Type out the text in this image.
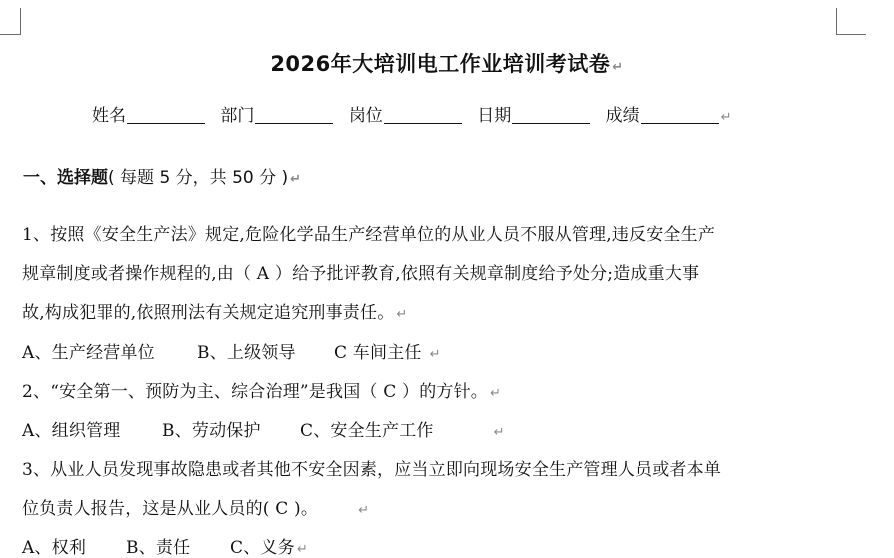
2026年大培训电工作业培训考试卷 ↵
姓名	部门	岗位	日期	成绩	↵
一、选择题( 每题 5 分，共 50 分 ) ↵
1、按照《安全生产法》规定,危险化学品生产经营单位的从业人员不服从管理,违反安全生产
规章制度或者操作规程的,由（ A ）给予批评教育,依照有关规章制度给予处分;造成重大事
故,构成犯罪的,依照刑法有关规定追究刑事责任。 ↵
A、生产经营单位 B、上级领导 C 车间主任 ↵
2、“安全第一、预防为主、综合治理”是我国（ C ）的方针。 ↵
A、组织管理 B、劳动保护 C、安全生产工作	↵
3、从业人员发现事故隐患或者其他不安全因素，应当立即向现场安全生产管理人员或者本单
位负责人报告，这是从业人员的( C )。	↵
A、权利 B、责任 C、义务 ↵
